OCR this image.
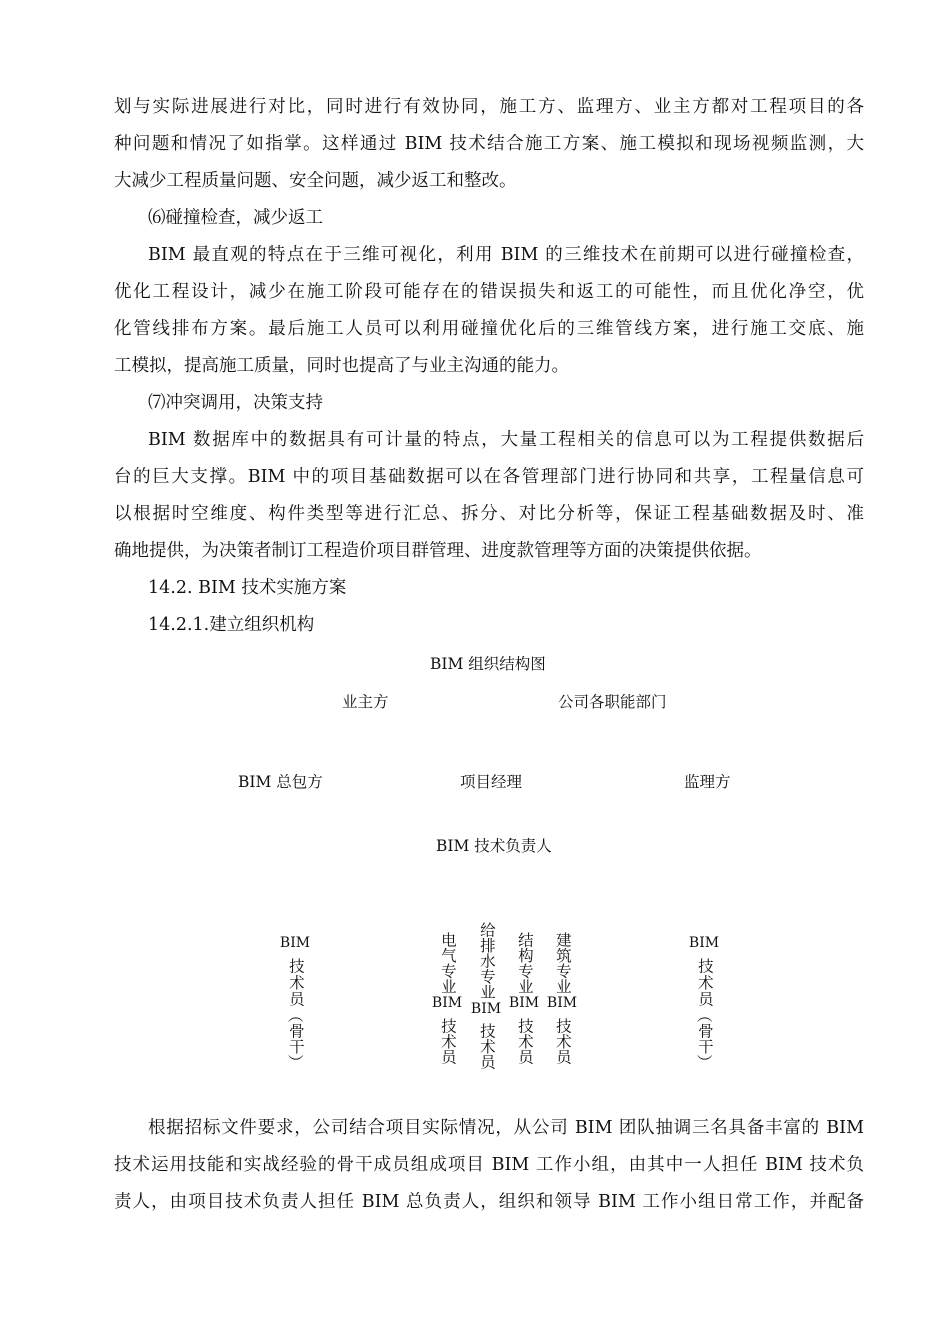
划与实际进展进行对比，同时进行有效协同，施工方、监理方、业主方都对工程项目的各
种问题和情况了如指掌。这样通过 BIM 技术结合施工方案、施工模拟和现场视频监测，大
大减少工程质量问题、安全问题，减少返工和整改。
⑹碰撞检查，减少返工
BIM 最直观的特点在于三维可视化，利用 BIM 的三维技术在前期可以进行碰撞检查，
优化工程设计，减少在施工阶段可能存在的错误损失和返工的可能性，而且优化净空，优
化管线排布方案。最后施工人员可以利用碰撞优化后的三维管线方案，进行施工交底、施
工模拟，提高施工质量，同时也提高了与业主沟通的能力。
⑺冲突调用，决策支持
BIM 数据库中的数据具有可计量的特点，大量工程相关的信息可以为工程提供数据后
台的巨大支撑。BIM 中的项目基础数据可以在各管理部门进行协同和共享，工程量信息可
以根据时空维度、构件类型等进行汇总、拆分、对比分析等，保证工程基础数据及时、准
确地提供，为决策者制订工程造价项目群管理、进度款管理等方面的决策提供依据。
14.2. BIM 技术实施方案
14.2.1.建立组织机构
BIM 组织结构图
业主方	公司各职能部门
BIM 总包方	项目经理	监理方
BIM 技术负责人
BIM
技术员
（
骨干
）
电气专业
BIM
技术员
给排水专业
BIM
技术员
结构专业
BIM
技术员
建筑专业
BIM
技术员
BIM
技术员
（
骨干
）
根据招标文件要求，公司结合项目实际情况，从公司 BIM 团队抽调三名具备丰富的 BIM
技术运用技能和实战经验的骨干成员组成项目 BIM 工作小组，由其中一人担任 BIM 技术负
责人，由项目技术负责人担任 BIM 总负责人，组织和领导 BIM 工作小组日常工作，并配备
